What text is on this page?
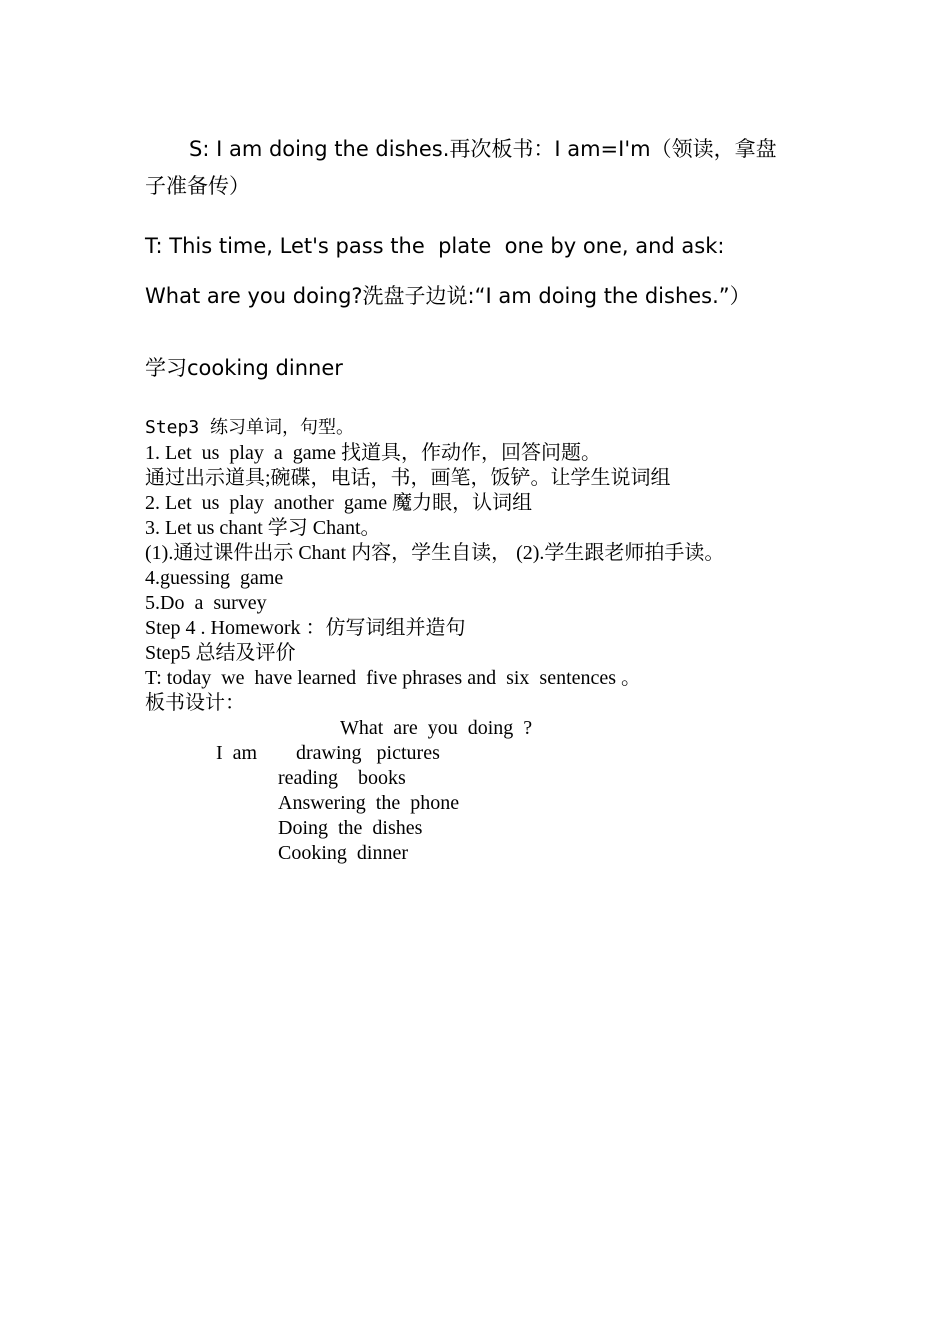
S: I am doing the dishes.再次板书：I am=I'm（领读，拿盘
子准备传）
T: This time, Let's pass the  plate  one by one, and ask:
What are you doing?洗盘子边说:“I am doing the dishes.”）
学习cooking dinner
Step3 练习单词，句型。
1. Let  us  play  a  game 找道具，作动作，回答问题。
通过出示道具;碗碟，电话，书，画笔，饭铲。让学生说词组
2. Let  us  play  another  game 魔力眼，认词组
3. Let us chant 学习 Chant。
(1).通过课件出示 Chant 内容，学生自读， (2).学生跟老师拍手读。
4.guessing  game
5.Do  a  survey
Step 4 . Homework ：仿写词组并造句
Step5 总结及评价
T: today  we  have learned  five phrases and  six  sentences 。
板书设计：
What  are  you  doing  ?
I  am drawing   pictures
reading    books
Answering  the  phone
Doing  the  dishes
Cooking  dinner
